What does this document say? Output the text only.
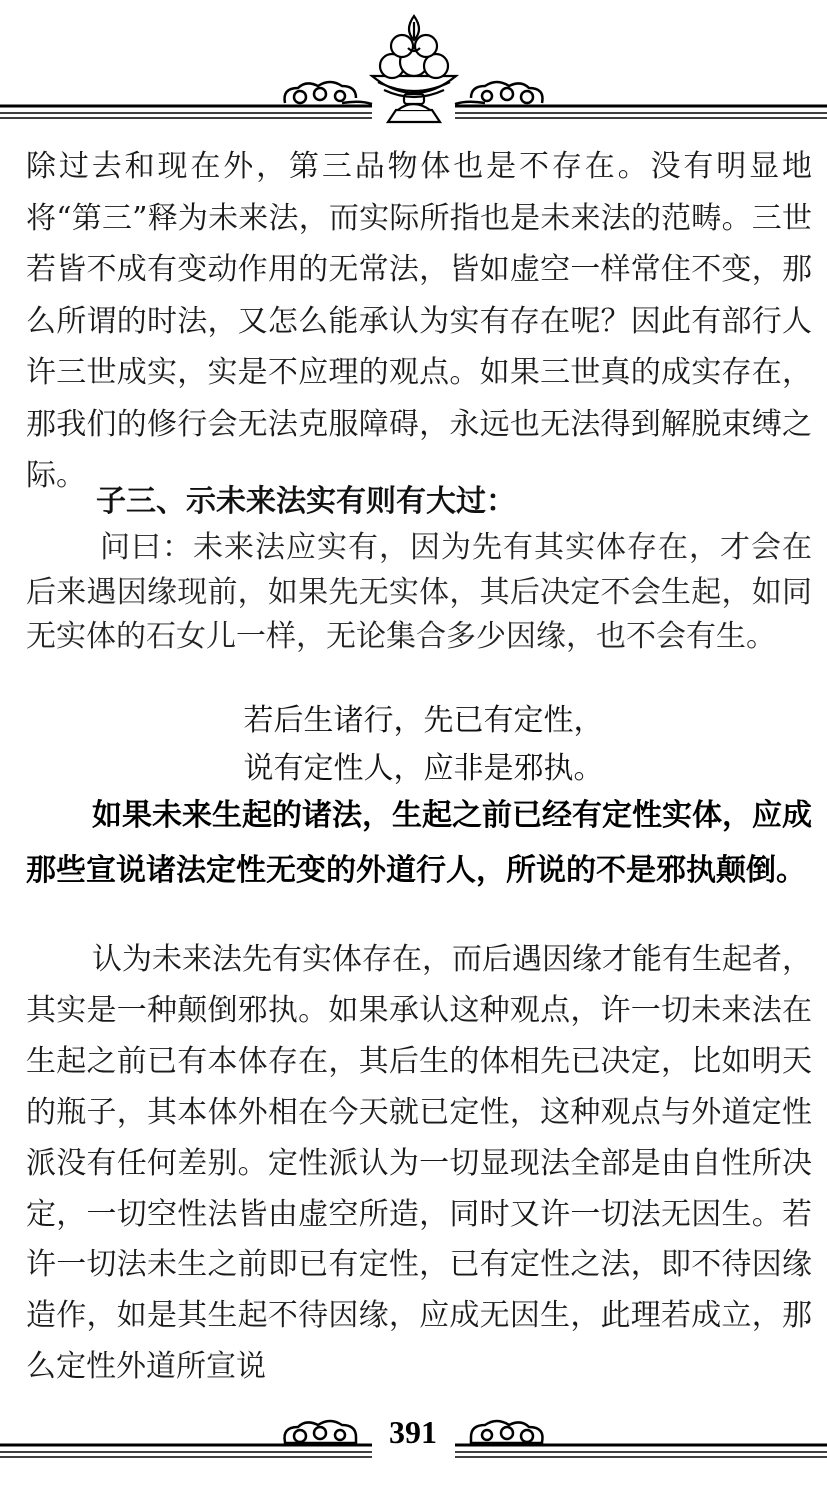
除过去和现在外，第三品物体也是不存在。没有明显地将“第三”释为未来法，而实际所指也是未来法的范畴。三世若皆不成有变动作用的无常法，皆如虚空一样常住不变，那么所谓的时法，又怎么能承认为实有存在呢？因此有部行人许三世成实，实是不应理的观点。如果三世真的成实存在，那我们的修行会无法克服障碍，永远也无法得到解脱束缚之际。

子三、示未来法实有则有大过：

问曰：未来法应实有，因为先有其实体存在，才会在后来遇因缘现前，如果先无实体，其后决定不会生起，如同无实体的石女儿一样，无论集合多少因缘，也不会有生。

若后生诸行，先已有定性，
说有定性人，应非是邪执。

如果未来生起的诸法，生起之前已经有定性实体，应成那些宣说诸法定性无变的外道行人，所说的不是邪执颠倒。

认为未来法先有实体存在，而后遇因缘才能有生起者，其实是一种颠倒邪执。如果承认这种观点，许一切未来法在生起之前已有本体存在，其后生的体相先已决定，比如明天的瓶子，其本体外相在今天就已定性，这种观点与外道定性派没有任何差别。定性派认为一切显现法全部是由自性所决定，一切空性法皆由虚空所造，同时又许一切法无因生。若许一切法未生之前即已有定性，已有定性之法，即不待因缘造作，如是其生起不待因缘，应成无因生，此理若成立，那么定性外道所宣说

391
